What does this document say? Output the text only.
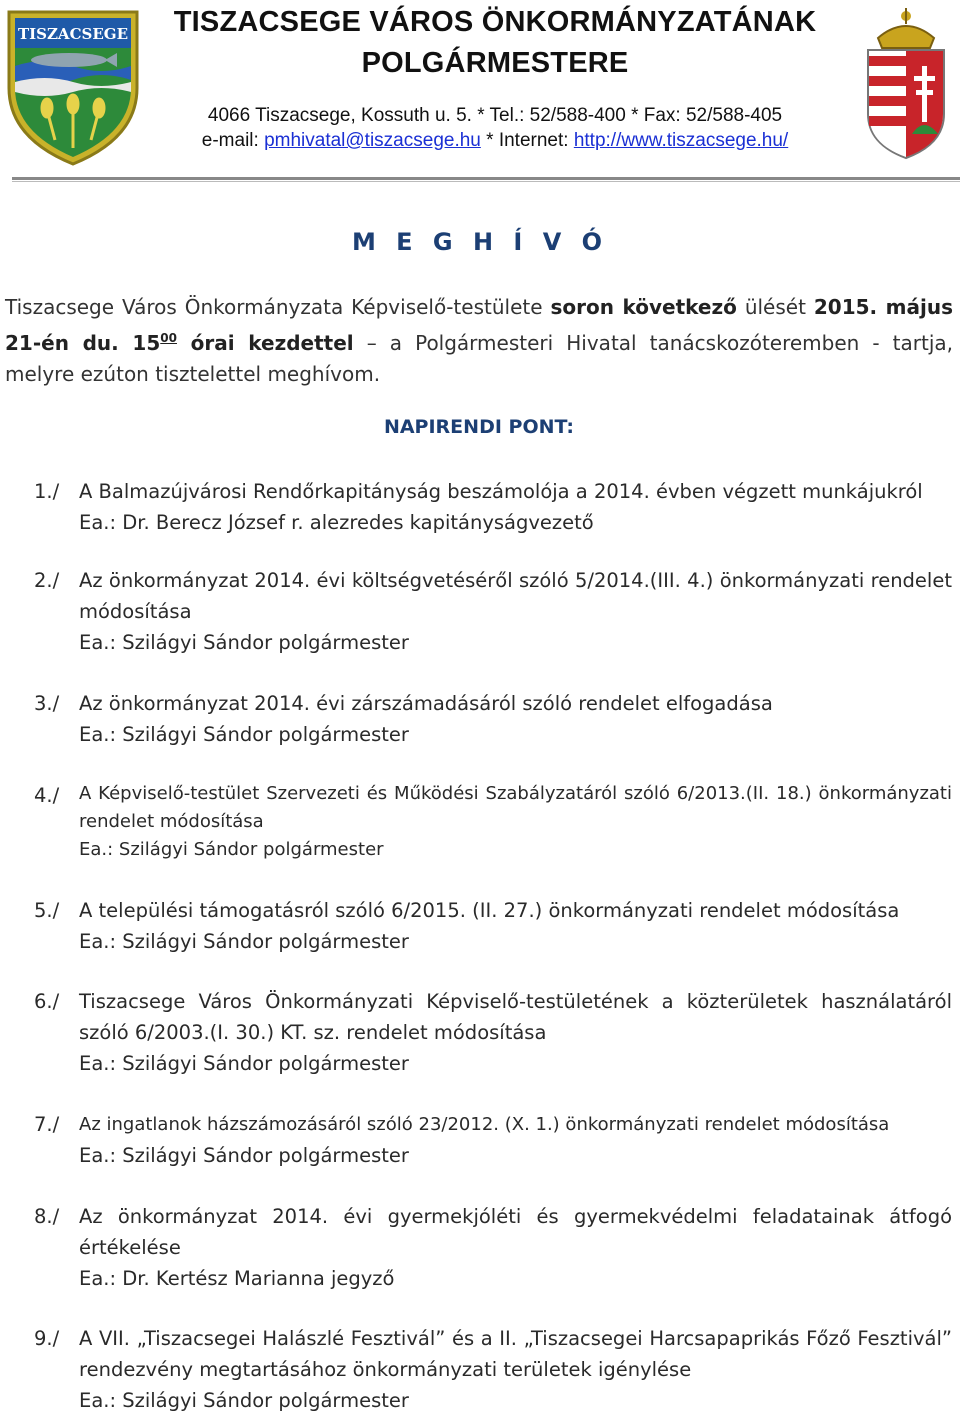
TISZACSEGE	TISZACSEGE VÁROS ÖNKORMÁNYZATÁNAK
POLGÁRMESTERE
4066 Tiszacsege, Kossuth u. 5. * Tel.: 52/588-400 * Fax: 52/588-405
e-mail: pmhivatal@tiszacsege.hu * Internet: http://www.tiszacsege.hu/
M E G H Í V Ó
Tiszacsege Város Önkormányzata Képviselő-testülete soron következő ülését 2015. május 21-én du. $15^{00}$ órai kezdettel – a Polgármesteri Hivatal tanácskozóteremben - tartja, melyre ezúton tisztelettel meghívom.
NAPIRENDI PONT:
1./	A Balmazújvárosi Rendőrkapitányság beszámolója a 2014. évben végzett munkájukról
Ea.: Dr. Berecz József r. alezredes kapitányságvezető
2./	Az önkormányzat 2014. évi költségvetéséről szóló 5/2014.(III. 4.) önkormányzati rendelet módosítása
Ea.: Szilágyi Sándor polgármester
3./	Az önkormányzat 2014. évi zárszámadásáról szóló rendelet elfogadása
Ea.: Szilágyi Sándor polgármester
4./	A Képviselő-testület Szervezeti és Működési Szabályzatáról szóló 6/2013.(II. 18.) önkormányzati rendelet módosítása
Ea.: Szilágyi Sándor polgármester
5./	A települési támogatásról szóló 6/2015. (II. 27.) önkormányzati rendelet módosítása
Ea.: Szilágyi Sándor polgármester
6./	Tiszacsege Város Önkormányzati Képviselő-testületének a közterületek használatáról szóló 6/2003.(I. 30.) KT. sz. rendelet módosítása
Ea.: Szilágyi Sándor polgármester
7./	Az ingatlanok házszámozásáról szóló 23/2012. (X. 1.) önkormányzati rendelet módosítása
Ea.: Szilágyi Sándor polgármester
8./	Az önkormányzat 2014. évi gyermekjóléti és gyermekvédelmi feladatainak átfogó értékelése
Ea.: Dr. Kertész Marianna jegyző
9./	A VII. „Tiszacsegei Halászlé Fesztivál” és a II. „Tiszacsegei Harcsapaprikás Főző Fesztivál” rendezvény megtartásához önkormányzati területek igénylése
Ea.: Szilágyi Sándor polgármester
